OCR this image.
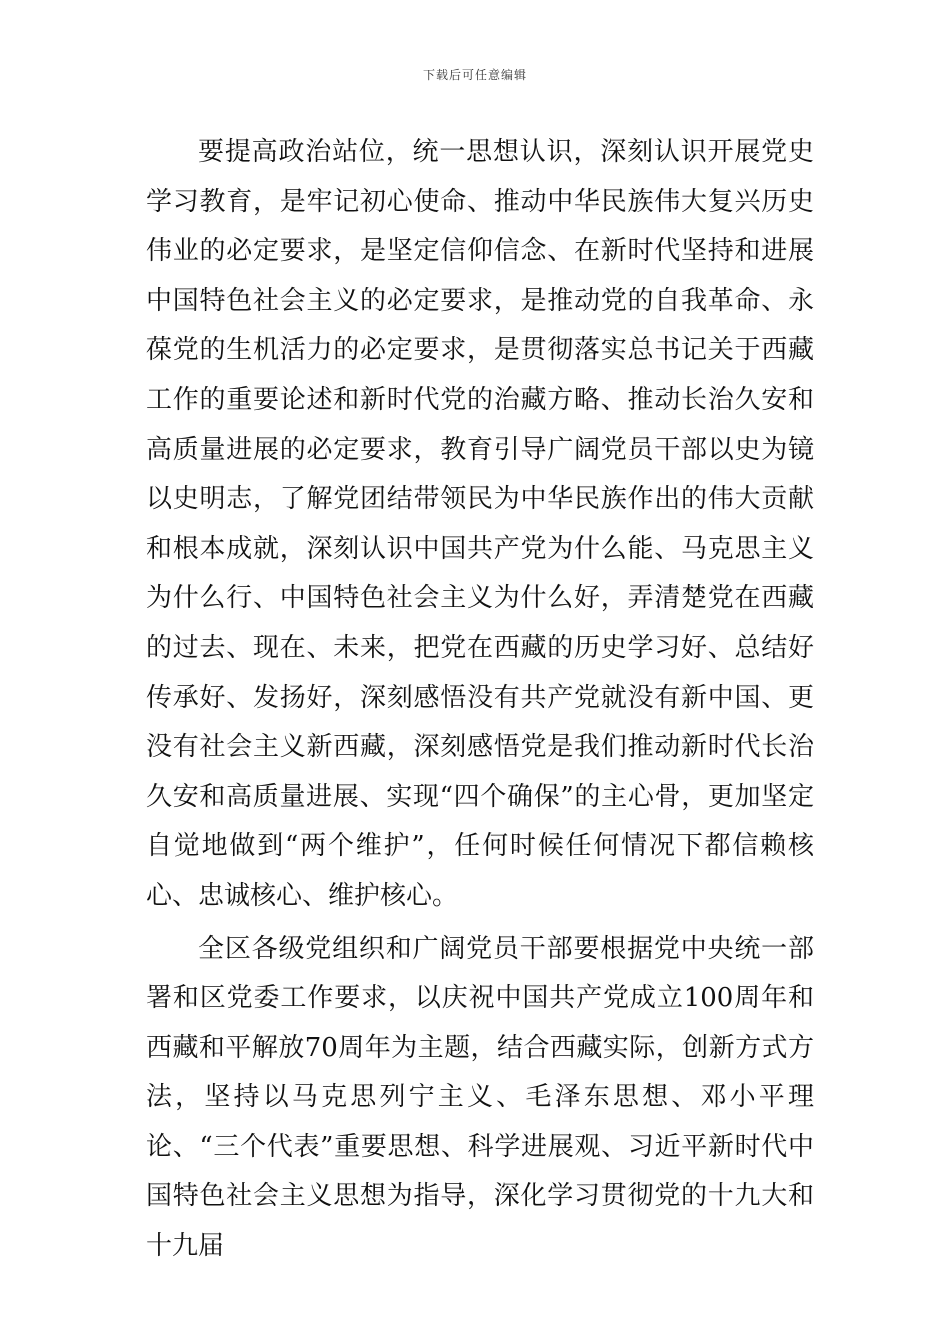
下载后可任意编辑

要提高政治站位，统一思想认识，深刻认识开展党史学习教育，是牢记初心使命、推动中华民族伟大复兴历史伟业的必定要求，是坚定信仰信念、在新时代坚持和进展中国特色社会主义的必定要求，是推动党的自我革命、永葆党的生机活力的必定要求，是贯彻落实总书记关于西藏工作的重要论述和新时代党的治藏方略、推动长治久安和高质量进展的必定要求，教育引导广阔党员干部以史为镜以史明志，了解党团结带领民为中华民族作出的伟大贡献和根本成就，深刻认识中国共产党为什么能、马克思主义为什么行、中国特色社会主义为什么好，弄清楚党在西藏的过去、现在、未来，把党在西藏的历史学习好、总结好传承好、发扬好，深刻感悟没有共产党就没有新中国、更没有社会主义新西藏，深刻感悟党是我们推动新时代长治久安和高质量进展、实现“四个确保”的主心骨，更加坚定自觉地做到“两个维护”，任何时候任何情况下都信赖核心、忠诚核心、维护核心。

全区各级党组织和广阔党员干部要根据党中央统一部署和区党委工作要求，以庆祝中国共产党成立100周年和西藏和平解放70周年为主题，结合西藏实际，创新方式方法，坚持以马克思列宁主义、毛泽东思想、邓小平理论、“三个代表”重要思想、科学进展观、习近平新时代中国特色社会主义思想为指导，深化学习贯彻党的十九大和十九届
